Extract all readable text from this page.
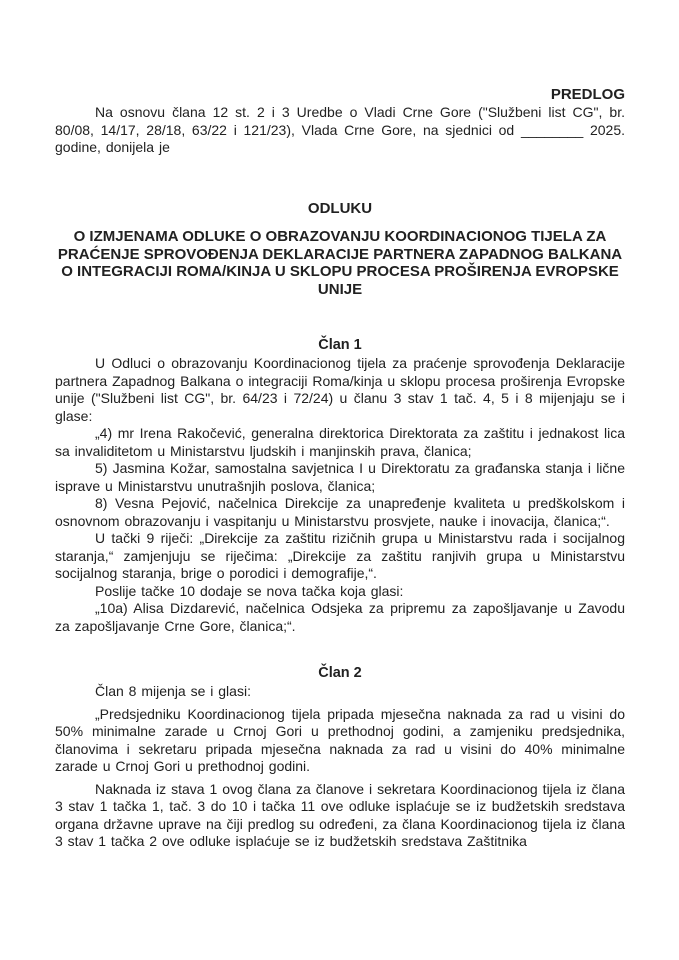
PREDLOG

Na osnovu člana 12 st. 2 i 3 Uredbe o Vladi Crne Gore ("Službeni list CG", br. 80/08, 14/17, 28/18, 63/22 i 121/23), Vlada Crne Gore, na sjednici od ________ 2025. godine, donijela je

ODLUKU
O IZMJENAMA ODLUKE O OBRAZOVANJU KOORDINACIONOG TIJELA ZA PRAĆENJE SPROVOĐENJA DEKLARACIJE PARTNERA ZAPADNOG BALKANA O INTEGRACIJI ROMA/KINJA U SKLOPU PROCESA PROŠIRENJA EVROPSKE UNIJE
Član 1

U Odluci o obrazovanju Koordinacionog tijela za praćenje sprovođenja Deklaracije partnera Zapadnog Balkana o integraciji Roma/kinja u sklopu procesa proširenja Evropske unije ("Službeni list CG", br. 64/23 i 72/24) u članu 3 stav 1 tač. 4, 5 i 8 mijenjaju se i glase:

„4) mr Irena Rakočević, generalna direktorica Direktorata za zaštitu i jednakost lica sa invaliditetom u Ministarstvu ljudskih i manjinskih prava, članica;

5) Jasmina Kožar, samostalna savjetnica I u Direktoratu za građanska stanja i lične isprave u Ministarstvu unutrašnjih poslova, članica;

8) Vesna Pejović, načelnica Direkcije za unapređenje kvaliteta u predškolskom i osnovnom obrazovanju i vaspitanju u Ministarstvu prosvjete, nauke i inovacija, članica;“.

U tački 9 riječi: „Direkcije za zaštitu rizičnih grupa u Ministarstvu rada i socijalnog staranja,“ zamjenjuju se riječima: „Direkcije za zaštitu ranjivih grupa u Ministarstvu socijalnog staranja, brige o porodici i demografije,“.

Poslije tačke 10 dodaje se nova tačka koja glasi:

„10a) Alisa Dizdarević, načelnica Odsjeka za pripremu za zapošljavanje u Zavodu za zapošljavanje Crne Gore, članica;“.

Član 2

Član 8 mijenja se i glasi:

„Predsjedniku Koordinacionog tijela pripada mjesečna naknada za rad u visini do 50% minimalne zarade u Crnoj Gori u prethodnoj godini, a zamjeniku predsjednika, članovima i sekretaru pripada mjesečna naknada za rad u visini do 40% minimalne zarade u Crnoj Gori u prethodnoj godini.

Naknada iz stava 1 ovog člana za članove i sekretara Koordinacionog tijela iz člana 3 stav 1 tačka 1, tač. 3 do 10 i tačka 11 ove odluke isplaćuje se iz budžetskih sredstava organa državne uprave na čiji predlog su određeni, za člana Koordinacionog tijela iz člana 3 stav 1 tačka 2 ove odluke isplaćuje se iz budžetskih sredstava Zaštitnika
